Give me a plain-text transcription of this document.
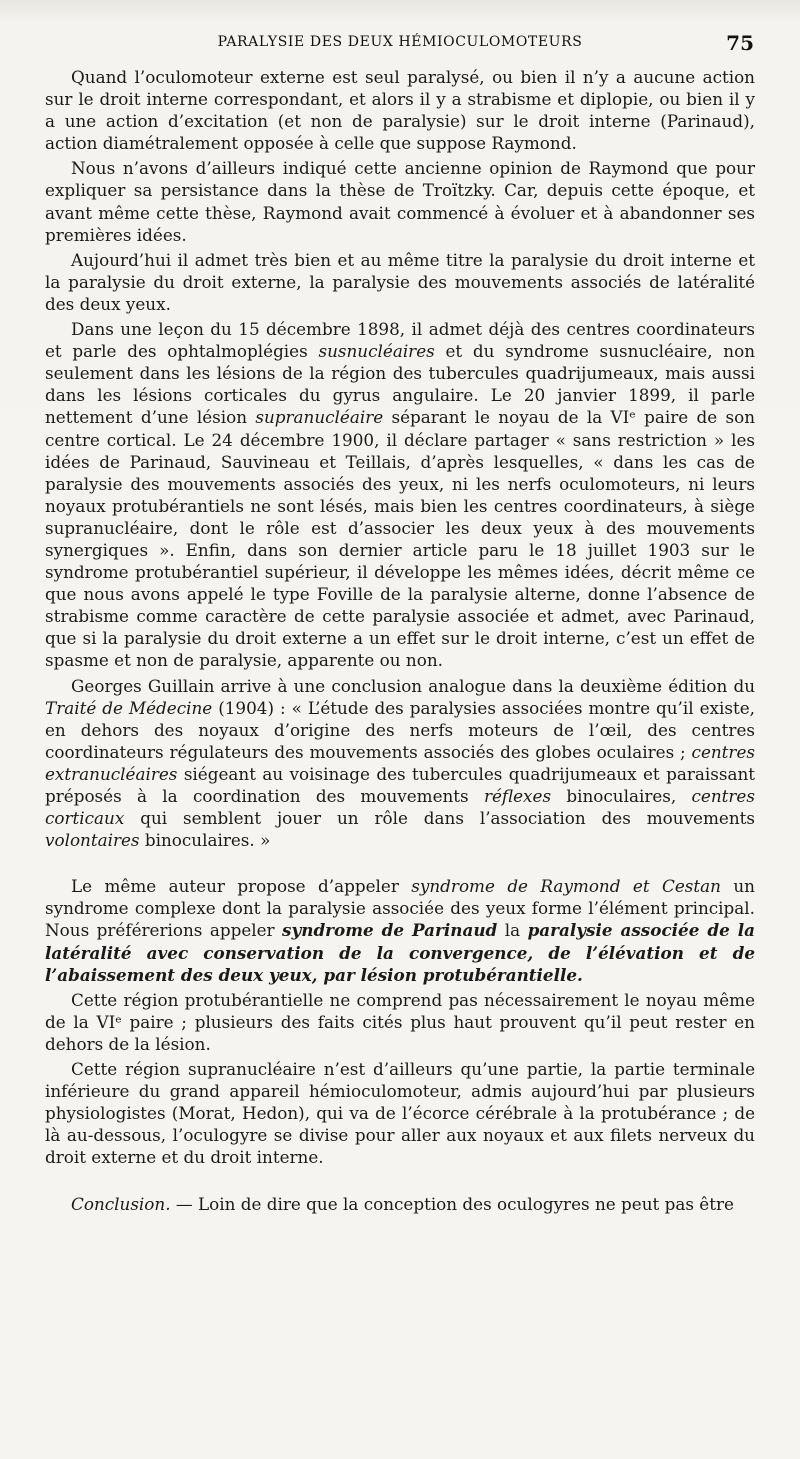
PARALYSIE DES DEUX HÉMIOCULOMOTEURS	75

Quand l’oculomoteur externe est seul paralysé, ou bien il n’y a aucune action sur le droit interne correspondant, et alors il y a strabisme et diplopie, ou bien il y a une action d’excitation (et non de paralysie) sur le droit interne (Parinaud), action diamétralement opposée à celle que suppose Raymond.

Nous n’avons d’ailleurs indiqué cette ancienne opinion de Raymond que pour expliquer sa persistance dans la thèse de Troïtzky. Car, depuis cette époque, et avant même cette thèse, Raymond avait commencé à évoluer et à abandonner ses premières idées.

Aujourd’hui il admet très bien et au même titre la paralysie du droit interne et la paralysie du droit externe, la paralysie des mouvements associés de latéralité des deux yeux.

Dans une leçon du 15 décembre 1898, il admet déjà des centres coordinateurs et parle des ophtalmoplégies susnucléaires et du syndrome susnucléaire, non seulement dans les lésions de la région des tubercules quadrijumeaux, mais aussi dans les lésions corticales du gyrus angulaire. Le 20 janvier 1899, il parle nettement d’une lésion supranucléaire séparant le noyau de la VIᵉ paire de son centre cortical. Le 24 décembre 1900, il déclare partager « sans restriction » les idées de Parinaud, Sauvineau et Teillais, d’après lesquelles, « dans les cas de paralysie des mouvements associés des yeux, ni les nerfs oculomoteurs, ni leurs noyaux protubérantiels ne sont lésés, mais bien les centres coordinateurs, à siège supranucléaire, dont le rôle est d’associer les deux yeux à des mouvements synergiques ». Enfin, dans son dernier article paru le 18 juillet 1903 sur le syndrome protubérantiel supérieur, il développe les mêmes idées, décrit même ce que nous avons appelé le type Foville de la paralysie alterne, donne l’absence de strabisme comme caractère de cette paralysie associée et admet, avec Parinaud, que si la paralysie du droit externe a un effet sur le droit interne, c’est un effet de spasme et non de paralysie, apparente ou non.

Georges Guillain arrive à une conclusion analogue dans la deuxième édition du Traité de Médecine (1904) : « L’étude des paralysies associées montre qu’il existe, en dehors des noyaux d’origine des nerfs moteurs de l’œil, des centres coordinateurs régulateurs des mouvements associés des globes oculaires ; centres extranucléaires siégeant au voisinage des tubercules quadrijumeaux et paraissant préposés à la coordination des mouvements réflexes binoculaires, centres corticaux qui semblent jouer un rôle dans l’association des mouvements volontaires binoculaires. »

Le même auteur propose d’appeler syndrome de Raymond et Cestan un syndrome complexe dont la paralysie associée des yeux forme l’élément principal. Nous préférerions appeler syndrome de Parinaud la paralysie associée de la latéralité avec conservation de la convergence, de l’élévation et de l’abaissement des deux yeux, par lésion protubérantielle.

Cette région protubérantielle ne comprend pas nécessairement le noyau même de la VIᵉ paire ; plusieurs des faits cités plus haut prouvent qu’il peut rester en dehors de la lésion.

Cette région supranucléaire n’est d’ailleurs qu’une partie, la partie terminale inférieure du grand appareil hémioculomoteur, admis aujourd’hui par plusieurs physiologistes (Morat, Hedon), qui va de l’écorce cérébrale à la protubérance ; de là au-dessous, l’oculogyre se divise pour aller aux noyaux et aux filets nerveux du droit externe et du droit interne.

Conclusion. — Loin de dire que la conception des oculogyres ne peut pas être
